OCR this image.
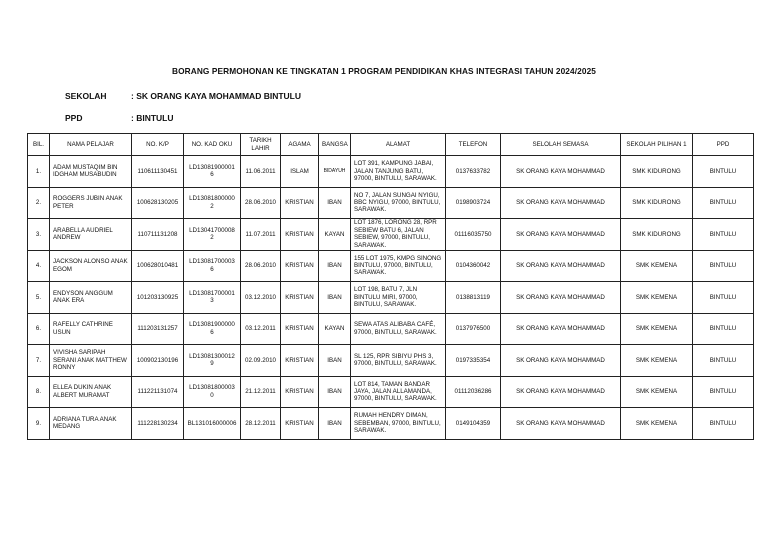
BORANG PERMOHONAN KE TINGKATAN 1 PROGRAM PENDIDIKAN KHAS INTEGRASI TAHUN 2024/2025
SEKOLAH	: SK ORANG KAYA MOHAMMAD BINTULU
PPD	: BINTULU
BIL.	NAMA PELAJAR	NO. K/P	NO. KAD OKU	TARIKH LAHIR	AGAMA	BANGSA	ALAMAT	TELEFON	SELOLAH SEMASA	SEKOLAH PILIHAN 1	PPD
1.	ADAM MUSTAQIM BIN IDGHAM MUSABUDIN	110611130451	LD13081900001 6	11.06.2011	ISLAM	BIDAYUH	LOT 391, KAMPUNG JABAI, JALAN TANJUNG BATU, 97000, BINTULU, SARAWAK.	0137633782	SK ORANG KAYA MOHAMMAD	SMK KIDURONG	BINTULU
2.	ROGGERS JUBIN ANAK PETER	100628130205	LD13081800000 2	28.06.2010	KRISTIAN	IBAN	NO 7, JALAN SUNGAI NYIGU, BBC NYIGU, 97000, BINTULU, SARAWAK.	0198903724	SK ORANG KAYA MOHAMMAD	SMK KIDURONG	BINTULU
3.	ARABELLA AUDRIEL ANDREW	110711131208	LD13041700008 2	11.07.2011	KRISTIAN	KAYAN	LOT 1876, LORONG 28, RPR SEBIEW BATU 6, JALAN SEBIEW, 97000, BINTULU, SARAWAK.	01116035750	SK ORANG KAYA MOHAMMAD	SMK KIDURONG	BINTULU
4.	JACKSON ALONSO ANAK EGOM	100628010481	LD13081700003 6	28.06.2010	KRISTIAN	IBAN	155 LOT 1975, KMPG SINONG BINTULU, 97000, BINTULU, SARAWAK.	0104360042	SK ORANG KAYA MOHAMMAD	SMK KEMENA	BINTULU
5.	ENDYSON ANGGUM ANAK ERA	101203130925	LD13081700001 3	03.12.2010	KRISTIAN	IBAN	LOT 198, BATU 7, JLN BINTULU MIRI, 97000, BINTULU, SARAWAK.	0138813119	SK ORANG KAYA MOHAMMAD	SMK KEMENA	BINTULU
6.	RAFELLY CATHRINE USUN	111203131257	LD13081900000 6	03.12.2011	KRISTIAN	KAYAN	SEWA ATAS ALIBABA CAFÉ, 97000, BINTULU, SARAWAK.	0137976500	SK ORANG KAYA MOHAMMAD	SMK KEMENA	BINTULU
7.	VIVISHA SARIPAH SERANI ANAK MATTHEW RONNY	100902130196	LD13081300012 9	02.09.2010	KRISTIAN	IBAN	SL 125, RPR SIBIYU PHS 3, 97000, BINTULU, SARAWAK.	0197335354	SK ORANG KAYA MOHAMMAD	SMK KEMENA	BINTULU
8.	ELLEA DUKIN ANAK ALBERT MURAMAT	111221131074	LD13081800003 0	21.12.2011	KRISTIAN	IBAN	LOT 814, TAMAN BANDAR JAYA, JALAN ALLAMANDA, 97000, BINTULU, SARAWAK.	01112036286	SK ORANG KAYA MOHAMMAD	SMK KEMENA	BINTULU
9.	ADRIANA TURA ANAK MEDANG	111228130234	BL131016000006	28.12.2011	KRISTIAN	IBAN	RUMAH HENDRY DIMAN, SEBEMBAN, 97000, BINTULU, SARAWAK.	0149104359	SK ORANG KAYA MOHAMMAD	SMK KEMENA	BINTULU
